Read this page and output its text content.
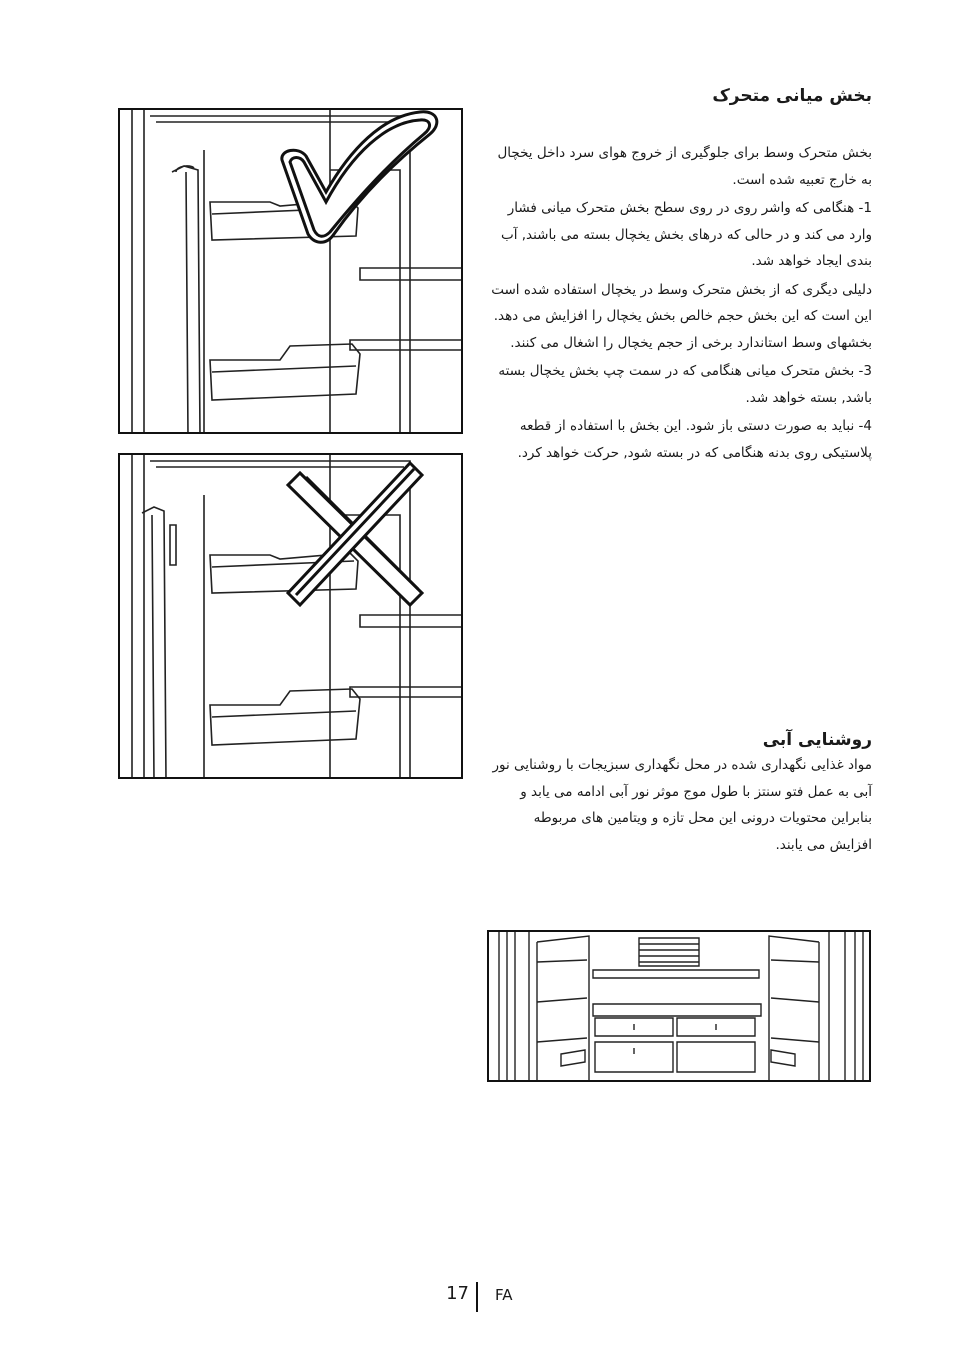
بخش میانی متحرک

بخش متحرک وسط برای جلوگیری از خروج هوای سرد داخل یخچال به خارج تعبیه شده است.

1- هنگامی که واشر روی در روی سطح بخش متحرک میانی فشار وارد می کند و در حالی که درهای بخش یخچال بسته می باشند, آب بندی ایجاد خواهد شد.

دلیلی دیگری که از بخش متحرک وسط در یخچال استفاده شده است این است که این بخش حجم خالص بخش یخچال را افزایش می دهد. بخشهای وسط استاندارد برخی از حجم یخچال را اشغال می کنند.

3- بخش متحرک میانی هنگامی که در سمت چپ بخش یخچال بسته باشد, بسته خواهد شد.

4- نباید به صورت دستی باز شود. این بخش با استفاده از قطعه پلاستیکی روی بدنه هنگامی که در بسته شود, حرکت خواهد کرد.

روشنایی آبی

مواد غذایی نگهداری شده در محل نگهداری سبزیجات با روشنایی نور آبی به عمل فتو سنتز با طول موج موثر نور آبی ادامه می یابد و بنابراین محتویات درونی این محل تازه و ویتامین های مربوطه افزایش می یابند.

17 FA
